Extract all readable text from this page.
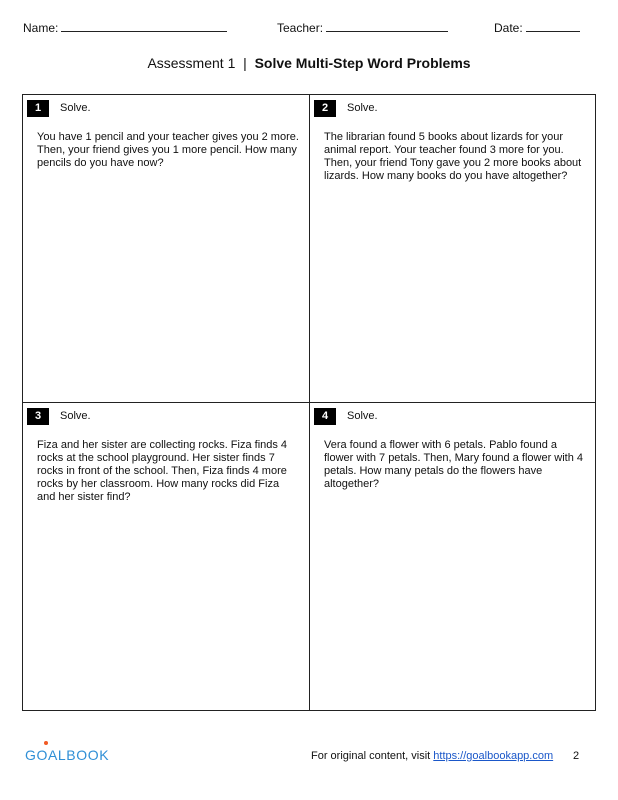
Name:	Teacher:	Date:
Assessment 1  |  Solve Multi-Step Word Problems
1	Solve.
You have 1 pencil and your teacher gives you 2 more. Then, your friend gives you 1 more pencil. How many pencils do you have now?
2	Solve.
The librarian found 5 books about lizards for your animal report. Your teacher found 3 more for you. Then, your friend Tony gave you 2 more books about lizards. How many books do you have altogether?
3	Solve.
Fiza and her sister are collecting rocks. Fiza finds 4 rocks at the school playground. Her sister finds 7 rocks in front of the school. Then, Fiza finds 4 more rocks by her classroom. How many rocks did Fiza and her sister find?
4	Solve.
Vera found a flower with 6 petals. Pablo found a flower with 7 petals. Then, Mary found a flower with 4 petals. How many petals do the flowers have altogether?
GOALBOOK	For original content, visit https://goalbookapp.com 2
